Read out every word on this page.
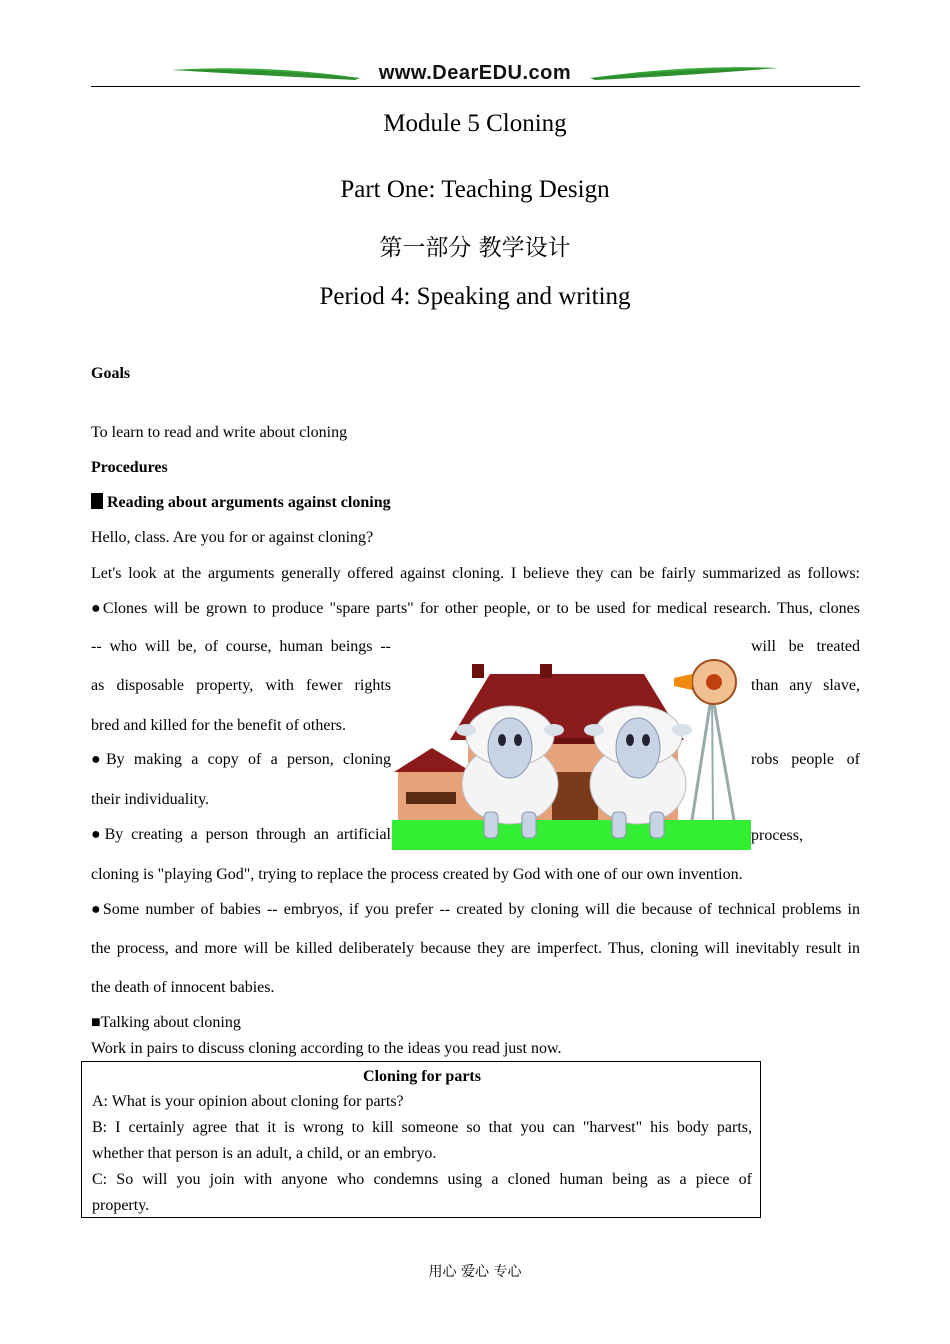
www.DearEDU.com
Module 5 Cloning
Part One: Teaching Design
第一部分 教学设计
Period 4: Speaking and writing
Goals
To learn to read and write about cloning
Procedures
Reading about arguments against cloning
Hello, class. Are you for or against cloning?
Let's look at the arguments generally offered against cloning. I believe they can be fairly summarized as follows:
●Clones will be grown to produce "spare parts" for other people, or to be used for medical research. Thus, clones
-- who will be, of course, human beings --	will be treated
as disposable property, with fewer rights	than any slave,
bred and killed for the benefit of others.
●By making a copy of a person, cloning	robs people of
their individuality.
●By creating a person through an artificial	process,
cloning is "playing God", trying to replace the process created by God with one of our own invention.
●Some number of babies -- embryos, if you prefer -- created by cloning will die because of technical problems in
the process, and more will be killed deliberately because they are imperfect. Thus, cloning will inevitably result in
the death of innocent babies.
■Talking about cloning
Work in pairs to discuss cloning according to the ideas you read just now.
Cloning for parts
A: What is your opinion about cloning for parts?
B: I certainly agree that it is wrong to kill someone so that you can "harvest" his body parts,
whether that person is an adult, a child, or an embryo.
C: So will you join with anyone who condemns using a cloned human being as a piece of
property.
用心 爱心 专心
